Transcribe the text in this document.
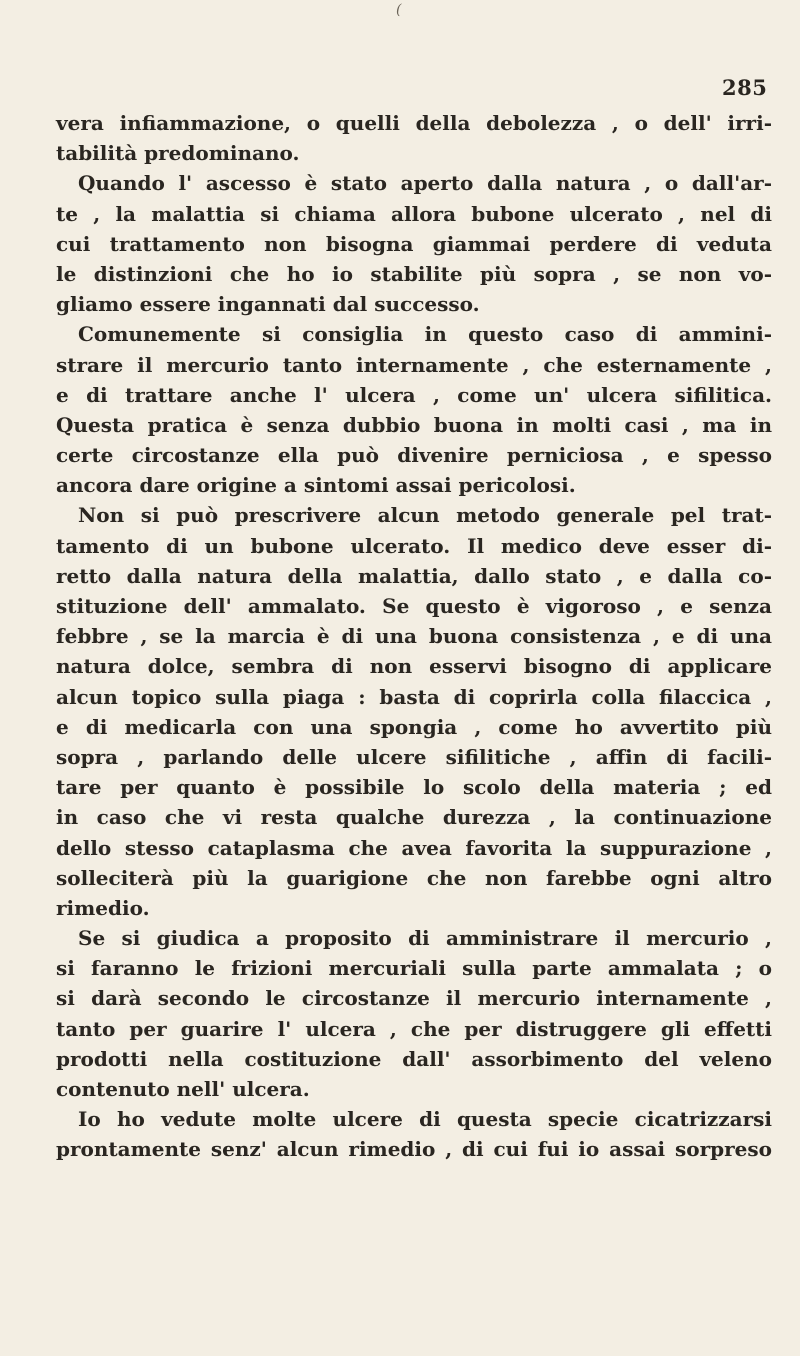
(
285
vera infiammazione, o quelli della debolezza , o dell' irri-
tabilità predominano.
Quando l' ascesso è stato aperto dalla natura , o dall'ar-
te , la malattia si chiama allora bubone ulcerato , nel di
cui trattamento non bisogna giammai perdere di veduta
le distinzioni che ho io stabilite più sopra , se non vo-
gliamo essere ingannati dal successo.
Comunemente si consiglia in questo caso di ammini-
strare il mercurio tanto internamente , che esternamente ,
e di trattare anche l' ulcera , come un' ulcera sifilitica.
Questa pratica è senza dubbio buona in molti casi , ma in
certe circostanze ella può divenire perniciosa , e spesso
ancora dare origine a sintomi assai pericolosi.
Non si può prescrivere alcun metodo generale pel trat-
tamento di un bubone ulcerato. Il medico deve esser di-
retto dalla natura della malattia, dallo stato , e dalla co-
stituzione dell' ammalato. Se questo è vigoroso , e senza
febbre , se la marcia è di una buona consistenza , e di una
natura dolce, sembra di non esservi bisogno di applicare
alcun topico sulla piaga : basta di coprirla colla filaccica ,
e di medicarla con una spongia , come ho avvertito più
sopra , parlando delle ulcere sifilitiche , affin di facili-
tare per quanto è possibile lo scolo della materia ; ed
in caso che vi resta qualche durezza , la continuazione
dello stesso cataplasma che avea favorita la suppurazione ,
solleciterà più la guarigione che non farebbe ogni altro
rimedio.
Se si giudica a proposito di amministrare il mercurio ,
si faranno le frizioni mercuriali sulla parte ammalata ; o
si darà secondo le circostanze il mercurio internamente ,
tanto per guarire l' ulcera , che per distruggere gli effetti
prodotti nella costituzione dall' assorbimento del veleno
contenuto nell' ulcera.
Io ho vedute molte ulcere di questa specie cicatrizzarsi
prontamente senz' alcun rimedio , di cui fui io assai sorpreso
